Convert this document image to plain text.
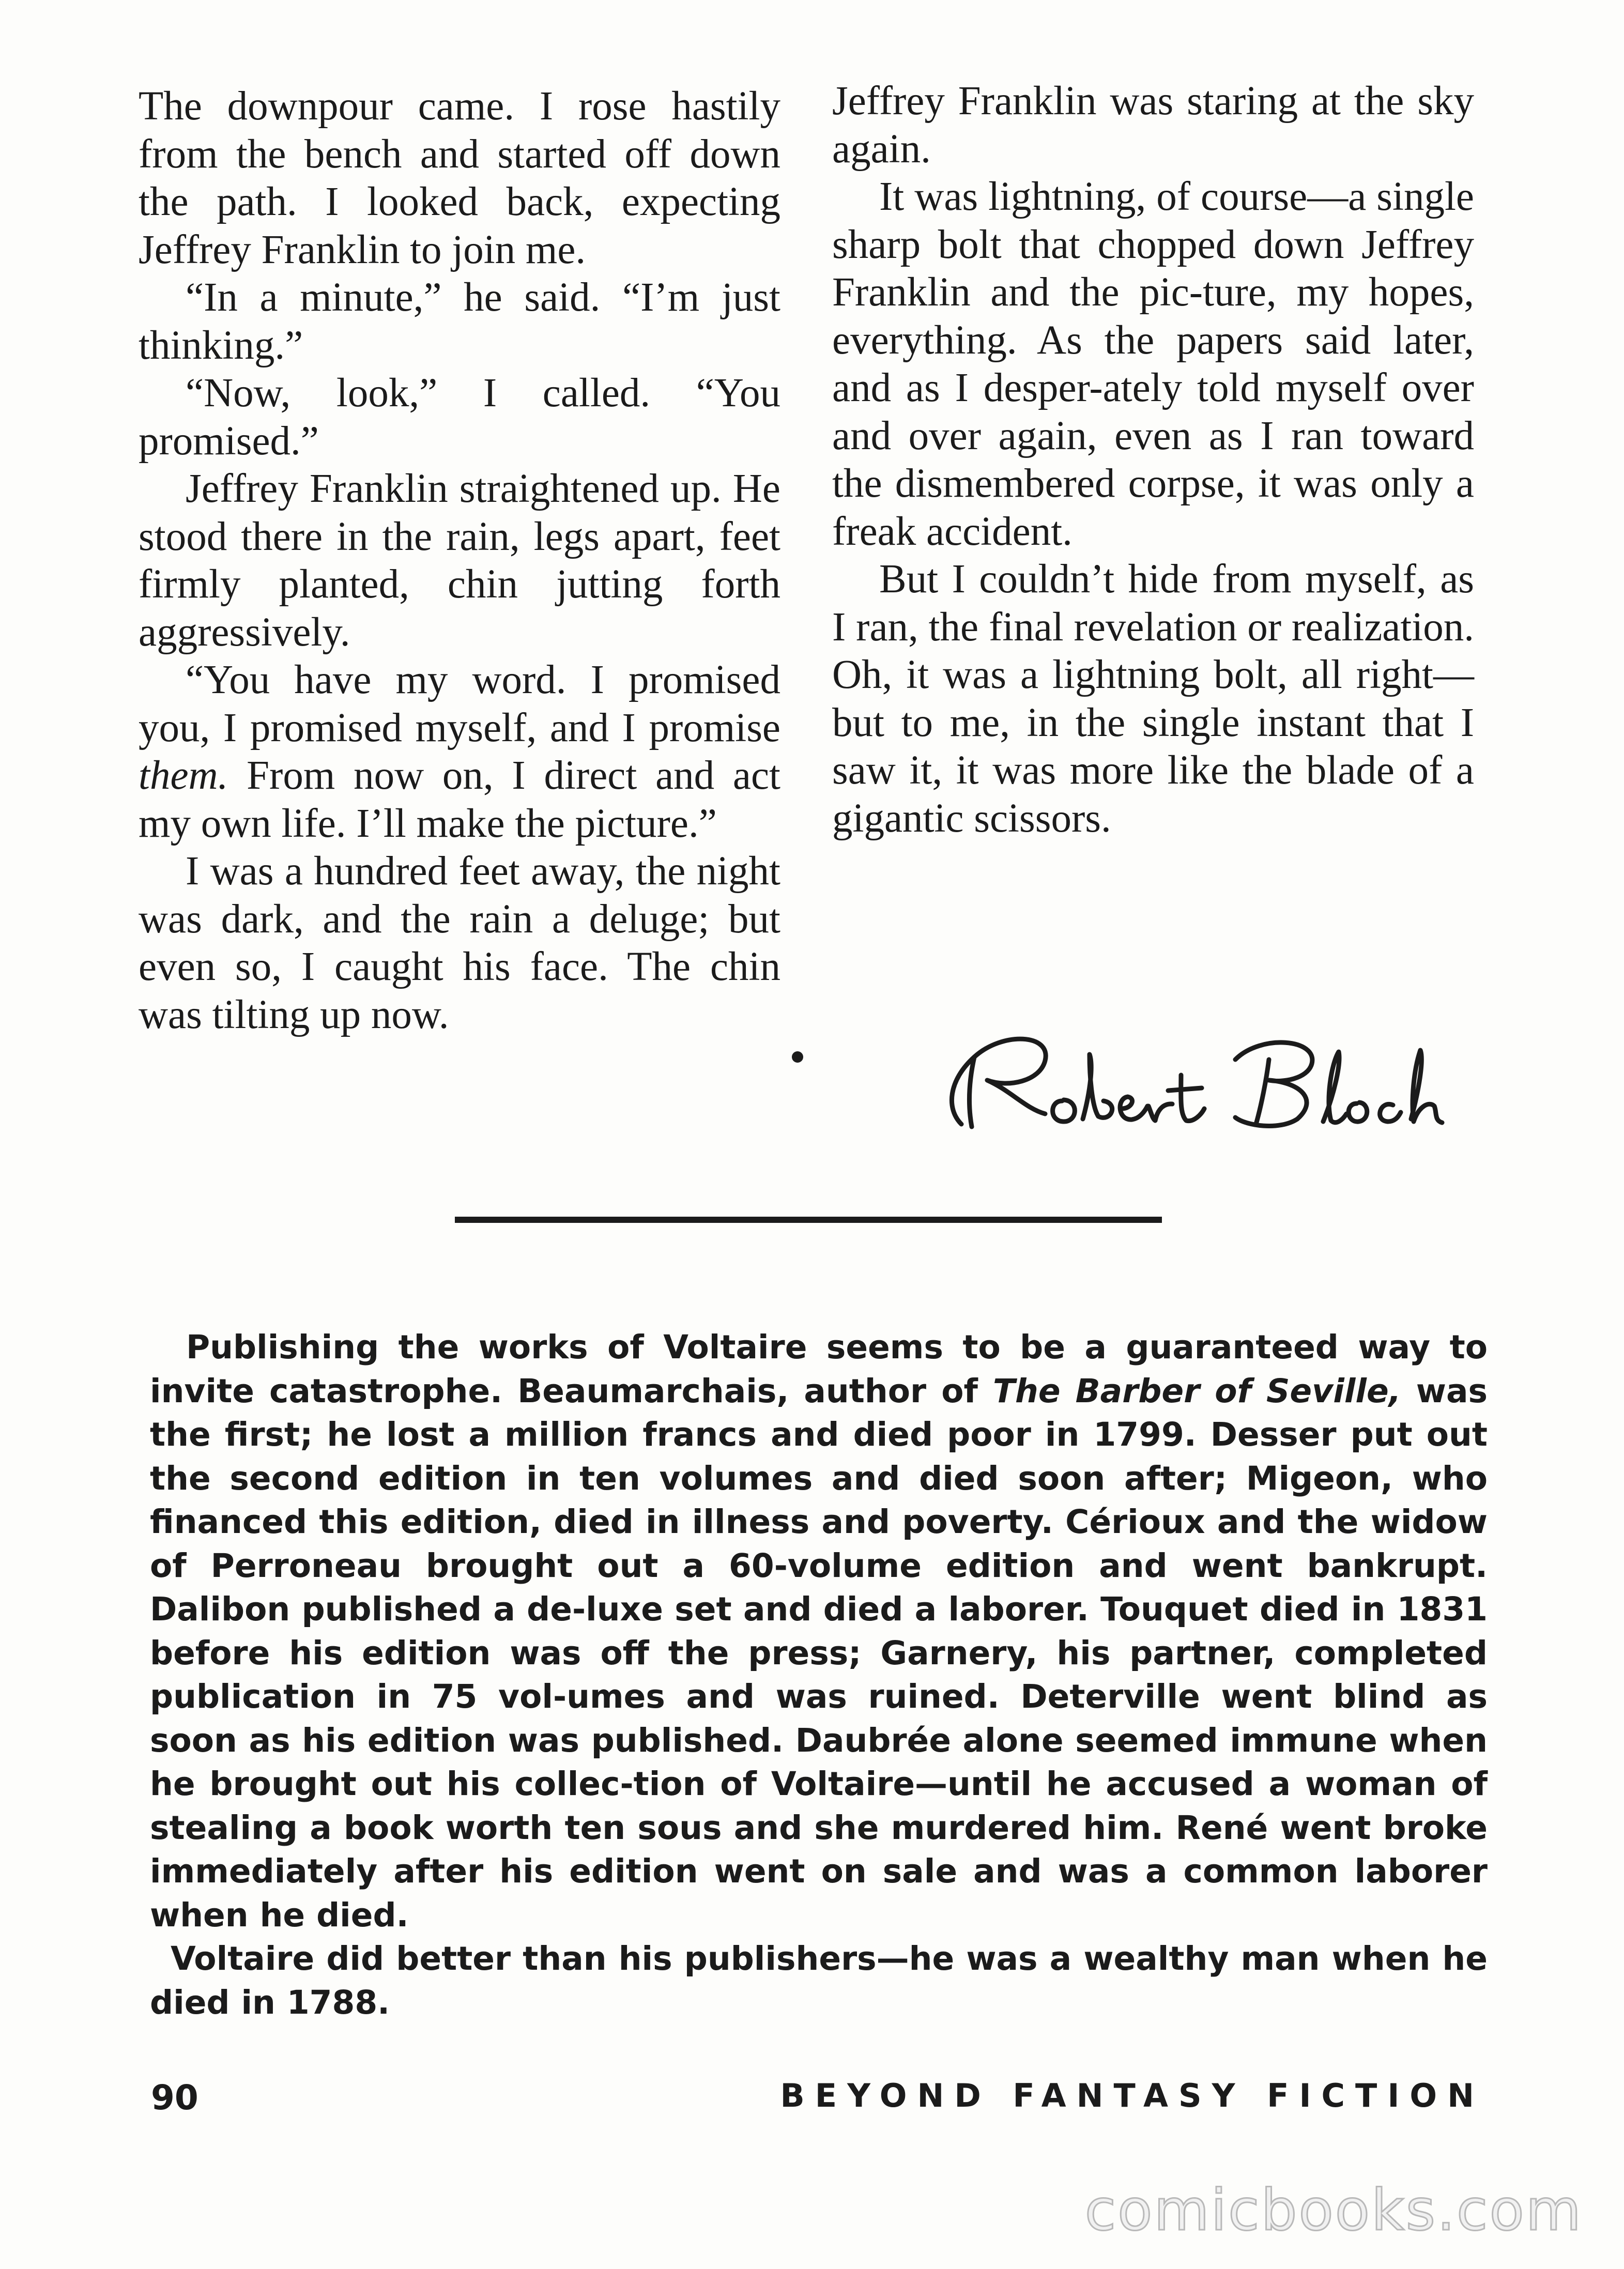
The downpour came. I rose hastily from the bench and started off down the path. I looked back, expecting Jeffrey Franklin to join me.

“In a minute,” he said. “I’m just thinking.”

“Now, look,” I called. “You promised.”

Jeffrey Franklin straightened up. He stood there in the rain, legs apart, feet firmly planted, chin jutting forth aggressively.

“You have my word. I promised you, I promised myself, and I promise them. From now on, I direct and act my own life. I’ll make the picture.”

I was a hundred feet away, the night was dark, and the rain a deluge; but even so, I caught his face. The chin was tilting up now.

Jeffrey Franklin was staring at the sky again.

It was lightning, of course—a single sharp bolt that chopped down Jeffrey Franklin and the pic-ture, my hopes, everything. As the papers said later, and as I desper-ately told myself over and over again, even as I ran toward the dismembered corpse, it was only a freak accident.

But I couldn’t hide from myself, as I ran, the final revelation or realization. Oh, it was a lightning bolt, all right—but to me, in the single instant that I saw it, it was more like the blade of a gigantic scissors.

Publishing the works of Voltaire seems to be a guaranteed way to invite catastrophe. Beaumarchais, author of The Barber of Seville, was the first; he lost a million francs and died poor in 1799. Desser put out the second edition in ten volumes and died soon after; Migeon, who financed this edition, died in illness and poverty. Cérioux and the widow of Perroneau brought out a 60-volume edition and went bankrupt. Dalibon published a de-luxe set and died a laborer. Touquet died in 1831 before his edition was off the press; Garnery, his partner, completed publication in 75 vol-umes and was ruined. Deterville went blind as soon as his edition was published. Daubrée alone seemed immune when he brought out his collec-tion of Voltaire—until he accused a woman of stealing a book worth ten sous and she murdered him. René went broke immediately after his edition went on sale and was a common laborer when he died.

Voltaire did better than his publishers—he was a wealthy man when he died in 1788.

90	BEYOND FANTASY FICTION
comicbooks.com
